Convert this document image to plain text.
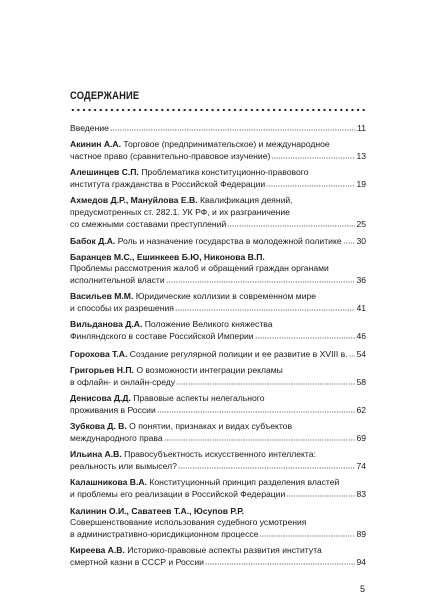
СОДЕРЖАНИЕ
Введение	11
Акинин А.А. Торговое (предпринимательское) и международное
частное право (сравнительно-правовое изучение)	13
Алешинцев С.П. Проблематика конституционно-правового
института гражданства в Российской Федерации	19
Ахмедов Д.Р., Мануйлова Е.В. Квалификация деяний,
предусмотренных ст. 282.1. УК РФ, и их разграничение
со смежными составами преступлений	25
Бабок Д.А. Роль и назначение государства в молодежной политике 30
Баранцев М.С., Ешинкеев Б.Ю, Никонова В.П.
Проблемы рассмотрения жалоб и обращений граждан органами
исполнительной власти	36
Васильев М.М. Юридические коллизии в современном мире
и способы их разрешения	41
Вильданова Д.А. Положение Великого княжества
Финляндского в составе Российской Империи	46
Горохова Т.А. Создание регулярной полиции и ее развитие в XVIII в. 54
Григорьев Н.П. О возможности интеграции рекламы
в офлайн- и онлайн-среду	58
Денисова Д.Д. Правовые аспекты нелегального
проживания в России	62
Зубкова Д. В. О понятии, признаках и видах субъектов
международного права	69
Ильина А.В. Правосубъектность искусственного интеллекта:
реальность или вымысел?	74
Калашникова В.А. Конституционный принцип разделения властей
и проблемы его реализации в Российской Федерации	83
Калинин О.И., Саватеев Т.А., Юсупов Р.Р.
Совершенствование использования судебного усмотрения
в административно-юрисдикционном процессе	89
Киреева А.В. Историко-правовые аспекты развития института
смертной казни в СССР и России	94
5
